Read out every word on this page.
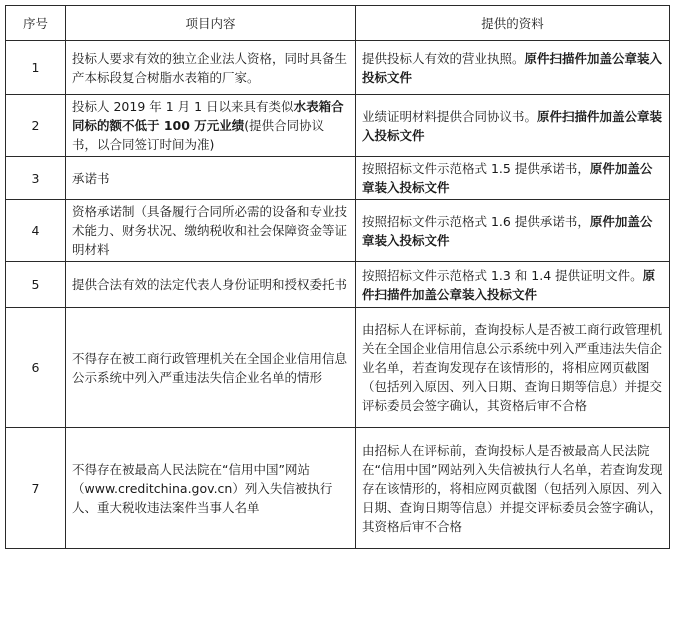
序号	项目内容	提供的资料
1	投标人要求有效的独立企业法人资格，同时具备生产本标段复合树脂水表箱的厂家。	提供投标人有效的营业执照。原件扫描件加盖公章装入投标文件
2	投标人 2019 年 1 月 1 日以来具有类似水表箱合同标的额不低于 100 万元业绩(提供合同协议书，以合同签订时间为准)	业绩证明材料提供合同协议书。原件扫描件加盖公章装入投标文件
3	承诺书	按照招标文件示范格式 1.5 提供承诺书，原件加盖公章装入投标文件
4	资格承诺制（具备履行合同所必需的设备和专业技术能力、财务状况、缴纳税收和社会保障资金等证明材料	按照招标文件示范格式 1.6 提供承诺书，原件加盖公章装入投标文件
5	提供合法有效的法定代表人身份证明和授权委托书	按照招标文件示范格式 1.3 和 1.4 提供证明文件。原件扫描件加盖公章装入投标文件
6	不得存在被工商行政管理机关在全国企业信用信息公示系统中列入严重违法失信企业名单的情形	由招标人在评标前，查询投标人是否被工商行政管理机关在全国企业信用信息公示系统中列入严重违法失信企业名单，若查询发现存在该情形的，将相应网页截图（包括列入原因、列入日期、查询日期等信息）并提交评标委员会签字确认，其资格后审不合格
7	不得存在被最高人民法院在“信用中国”网站（www.creditchina.gov.cn）列入失信被执行人、重大税收违法案件当事人名单	由招标人在评标前，查询投标人是否被最高人民法院在“信用中国”网站列入失信被执行人名单，若查询发现存在该情形的，将相应网页截图（包括列入原因、列入日期、查询日期等信息）并提交评标委员会签字确认，其资格后审不合格
